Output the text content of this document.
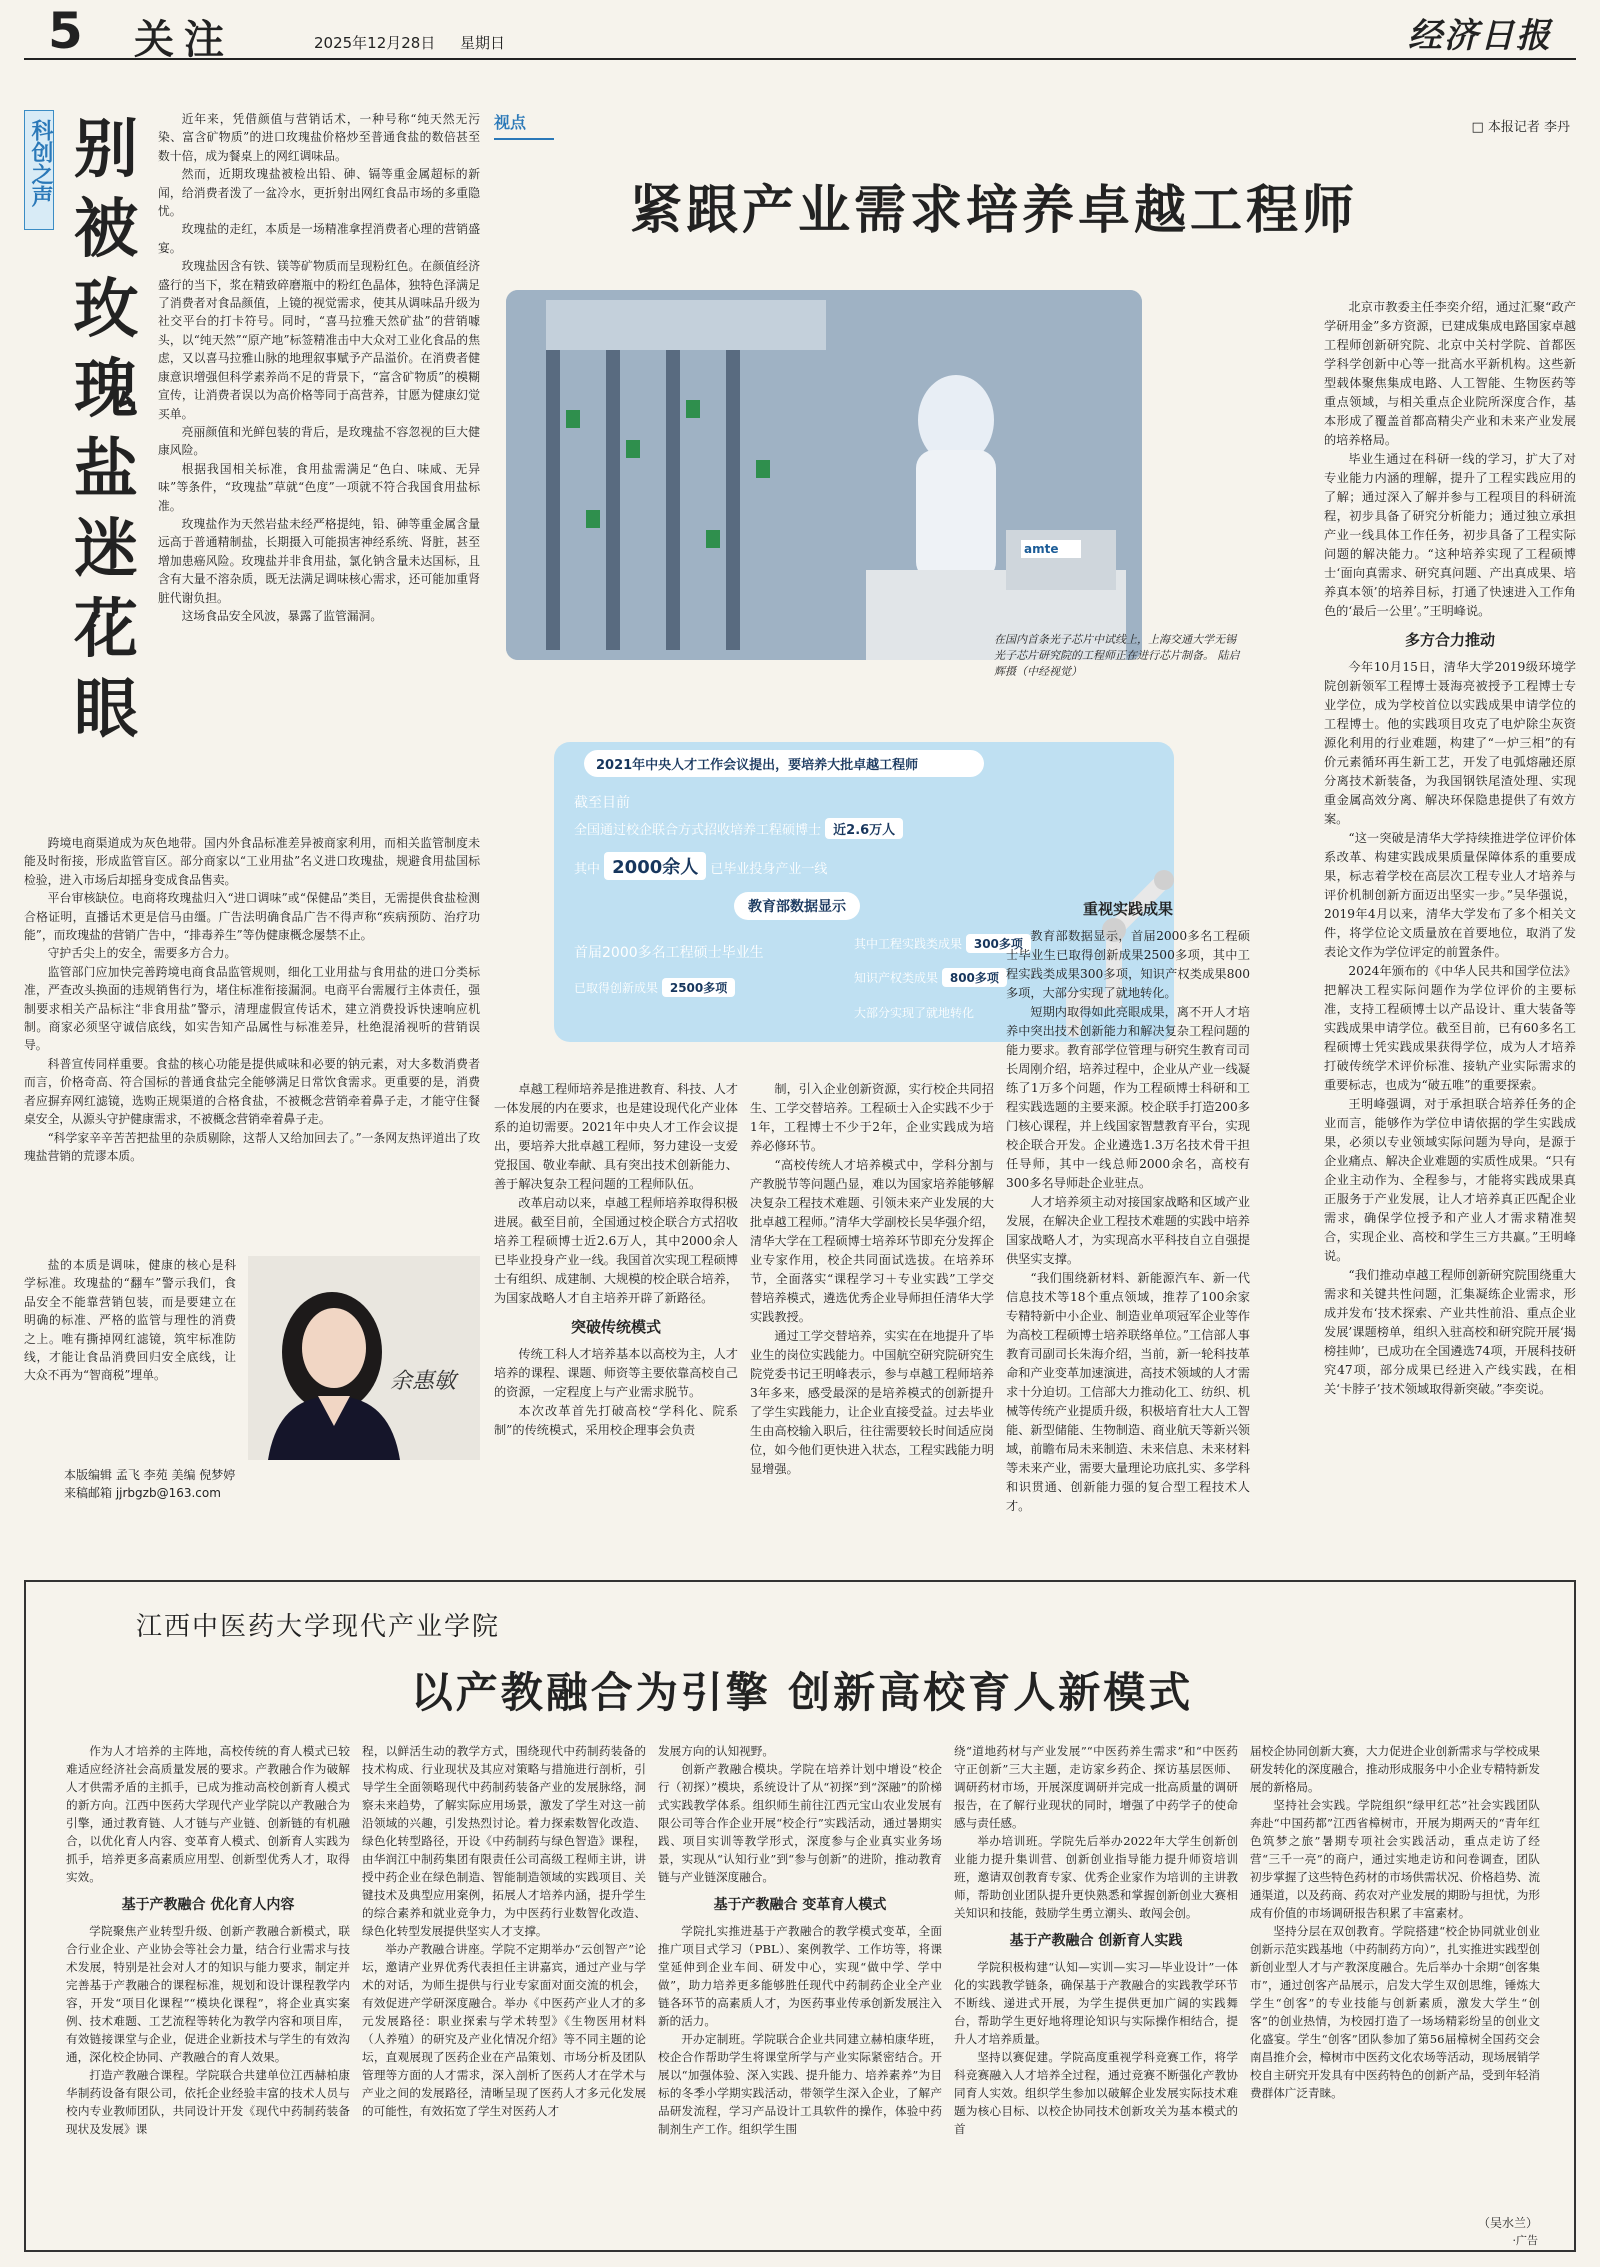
5 关注	2025年12月28日 星期日	经济日报
科创之声 别
被
玫
瑰
盐
迷
花
眼

近年来，凭借颜值与营销话术，一种号称“纯天然无污染、富含矿物质”的进口玫瑰盐价格炒至普通食盐的数倍甚至数十倍，成为餐桌上的网红调味品。

然而，近期玫瑰盐被检出铅、砷、镉等重金属超标的新闻，给消费者泼了一盆冷水，更折射出网红食品市场的多重隐忧。

玫瑰盐的走红，本质是一场精准拿捏消费者心理的营销盛宴。

玫瑰盐因含有铁、镁等矿物质而呈现粉红色。在颜值经济盛行的当下，浆在精致碎磨瓶中的粉红色晶体，独特色泽满足了消费者对食品颜值，上镜的视觉需求，使其从调味品升级为社交平台的打卡符号。同时，“喜马拉雅天然矿盐”的营销噱头，以“纯天然”“原产地”标签精准击中大众对工业化食品的焦虑，又以喜马拉雅山脉的地理叙事赋予产品溢价。在消费者健康意识增强但科学素养尚不足的背景下，“富含矿物质”的模糊宣传，让消费者误以为高价格等同于高营养，甘愿为健康幻觉买单。

亮丽颜值和光鲜包装的背后，是玫瑰盐不容忽视的巨大健康风险。

根据我国相关标准，食用盐需满足“色白、味咸、无异味”等条件，“玫瑰盐”草就“色度”一项就不符合我国食用盐标准。

玫瑰盐作为天然岩盐未经严格提纯，铅、砷等重金属含量远高于普通精制盐，长期摄入可能损害神经系统、肾脏，甚至增加患癌风险。玫瑰盐并非食用盐，氯化钠含量未达国标，且含有大量不溶杂质，既无法满足调味核心需求，还可能加重肾脏代谢负担。

这场食品安全风波，暴露了监管漏洞。

跨境电商渠道成为灰色地带。国内外食品标准差异被商家利用，而相关监管制度未能及时衔接，形成监管盲区。部分商家以“工业用盐”名义进口玫瑰盐，规避食用盐国标检验，进入市场后却摇身变成食品售卖。

平台审核缺位。电商将玫瑰盐归入“进口调味”或“保健品”类目，无需提供食盐检测合格证明，直播话术更是信马由缰。广告法明确食品广告不得声称“疾病预防、治疗功能”，而玫瑰盐的营销广告中，“排毒养生”等伪健康概念屡禁不止。

守护舌尖上的安全，需要多方合力。

监管部门应加快完善跨境电商食品监管规则，细化工业用盐与食用盐的进口分类标准，严查改头换面的违规销售行为，堵住标准衔接漏洞。电商平台需履行主体责任，强制要求相关产品标注“非食用盐”警示，清理虚假宣传话术，建立消费投诉快速响应机制。商家必须坚守诚信底线，如实告知产品属性与标准差异，杜绝混淆视听的营销误导。

科普宣传同样重要。食盐的核心功能是提供咸味和必要的钠元素，对大多数消费者而言，价格奇高、符合国标的普通食盐完全能够满足日常饮食需求。更重要的是，消费者应摒弃网红滤镜，选购正规渠道的合格食盐，不被概念营销牵着鼻子走，才能守住餐桌安全，从源头守护健康需求，不被概念营销牵着鼻子走。

“科学家辛辛苦苦把盐里的杂质剔除，这帮人又给加回去了。”一条网友热评道出了玫瑰盐营销的荒谬本质。

盐的本质是调味，健康的核心是科学标准。玫瑰盐的“翻车”警示我们，食品安全不能靠营销包装，而是要建立在明确的标准、严格的监管与理性的消费之上。唯有撕掉网红滤镜，筑牢标准防线，才能让食品消费回归安全底线，让大众不再为“智商税”埋单。	余惠敏
本版编辑 孟飞 李苑 美编 倪梦婷
来稿邮箱 jjrbgzb@163.com
视点	□ 本报记者 李丹
紧跟产业需求培养卓越工程师
amte
在国内首条光子芯片中试线上，上海交通大学无锡光子芯片研究院的工程师正在进行芯片制备。 陆启辉摄（中经视觉）
2021年中央人才工作会议提出，要培养大批卓越工程师
截至目前
全国通过校企联合方式招收培养工程硕博士 近2.6万人
其中 2000余人 已毕业投身产业一线
教育部数据显示
首届2000多名工程硕士毕业生
其中工程实践类成果 300多项
已取得创新成果 2500多项
知识产权类成果 800多项
大部分实现了就地转化

卓越工程师培养是推进教育、科技、人才一体发展的内在要求，也是建设现代化产业体系的迫切需要。2021年中央人才工作会议提出，要培养大批卓越工程师，努力建设一支爱党报国、敬业奉献、具有突出技术创新能力、善于解决复杂工程问题的工程师队伍。

改革启动以来，卓越工程师培养取得积极进展。截至目前，全国通过校企联合方式招收培养工程硕博士近2.6万人，其中2000余人已毕业投身产业一线。我国首次实现工程硕博士有组织、成建制、大规模的校企联合培养，为国家战略人才自主培养开辟了新路径。

突破传统模式

传统工科人才培养基本以高校为主，人才培养的课程、课题、师资等主要依靠高校自己的资源，一定程度上与产业需求脱节。

本次改革首先打破高校“学科化、院系制”的传统模式，采用校企理事会负责

制，引入企业创新资源，实行校企共同招生、工学交替培养。工程硕士入企实践不少于1年，工程博士不少于2年，企业实践成为培养必修环节。

“高校传统人才培养模式中，学科分割与产教脱节等问题凸显，难以为国家培养能够解决复杂工程技术难题、引领未来产业发展的大批卓越工程师。”清华大学副校长吴华强介绍，清华大学在工程硕博士培养环节即充分发挥企业专家作用，校企共同面试选拔。在培养环节，全面落实“课程学习＋专业实践”工学交替培养模式，遴选优秀企业导师担任清华大学实践教授。

通过工学交替培养，实实在在地提升了毕业生的岗位实践能力。中国航空研究院研究生院党委书记王明峰表示，参与卓越工程师培养3年多来，感受最深的是培养模式的创新提升了学生实践能力，让企业直接受益。过去毕业生由高校输入职后，往往需要较长时间适应岗位，如今他们更快进入状态，工程实践能力明显增强。

重视实践成果

教育部数据显示，首届2000多名工程硕士毕业生已取得创新成果2500多项，其中工程实践类成果300多项，知识产权类成果800多项，大部分实现了就地转化。

短期内取得如此亮眼成果，离不开人才培养中突出技术创新能力和解决复杂工程问题的能力要求。教育部学位管理与研究生教育司司长周刚介绍，培养过程中，企业从产业一线凝练了1万多个问题，作为工程硕博士科研和工程实践选题的主要来源。校企联手打造200多门核心课程，并上线国家智慧教育平台，实现校企联合开发。企业遴选1.3万名技术骨干担任导师，其中一线总师2000余名，高校有300多名导师赴企业驻点。

人才培养须主动对接国家战略和区域产业发展，在解决企业工程技术难题的实践中培养国家战略人才，为实现高水平科技自立自强提供坚实支撑。

“我们围绕新材料、新能源汽车、新一代信息技术等18个重点领域，推荐了100余家专精特新中小企业、制造业单项冠军企业等作为高校工程硕博士培养联络单位。”工信部人事教育司副司长朱海介绍，当前，新一轮科技革命和产业变革加速演进，高技术领域的人才需求十分迫切。工信部大力推动化工、纺织、机械等传统产业提质升级，积极培育壮大人工智能、新型储能、生物制造、商业航天等新兴领域，前瞻布局未来制造、未来信息、未来材料等未来产业，需要大量理论功底扎实、多学科和识贯通、创新能力强的复合型工程技术人才。

北京市教委主任李奕介绍，通过汇聚“政产学研用金”多方资源，已建成集成电路国家卓越工程师创新研究院、北京中关村学院、首都医学科学创新中心等一批高水平新机构。这些新型载体聚焦集成电路、人工智能、生物医药等重点领域，与相关重点企业院所深度合作，基本形成了覆盖首都高精尖产业和未来产业发展的培养格局。

毕业生通过在科研一线的学习，扩大了对专业能力内涵的理解，提升了工程实践应用的了解；通过深入了解并参与工程项目的科研流程，初步具备了研究分析能力；通过独立承担产业一线具体工作任务，初步具备了工程实际问题的解决能力。“这种培养实现了工程硕博士‘面向真需求、研究真问题、产出真成果、培养真本领’的培养目标，打通了快速进入工作角色的‘最后一公里’。”王明峰说。

多方合力推动

今年10月15日，清华大学2019级环境学院创新领军工程博士聂海亮被授予工程博士专业学位，成为学校首位以实践成果申请学位的工程博士。他的实践项目攻克了电炉除尘灰资源化利用的行业难题，构建了“一炉三相”的有价元素循环再生新工艺，开发了电弧熔融还原分离技术新装备，为我国钢铁尾渣处理、实现重金属高效分离、解决环保隐患提供了有效方案。

“这一突破是清华大学持续推进学位评价体系改革、构建实践成果质量保障体系的重要成果，标志着学校在高层次工程专业人才培养与评价机制创新方面迈出坚实一步。”吴华强说，2019年4月以来，清华大学发布了多个相关文件，将学位论文质量放在首要地位，取消了发表论文作为学位评定的前置条件。

2024年颁布的《中华人民共和国学位法》把解决工程实际问题作为学位评价的主要标准，支持工程硕博士以产品设计、重大装备等实践成果申请学位。截至目前，已有60多名工程硕博士凭实践成果获得学位，成为人才培养打破传统学术评价标准、接轨产业实际需求的重要标志，也成为“破五唯”的重要探索。

王明峰强调，对于承担联合培养任务的企业而言，能够作为学位申请依据的学生实践成果，必须以专业领域实际问题为导向，是源于企业痛点、解决企业难题的实质性成果。“只有企业主动作为、全程参与，才能将实践成果真正服务于产业发展，让人才培养真正匹配企业需求，确保学位授予和产业人才需求精准契合，实现企业、高校和学生三方共赢。”王明峰说。

“我们推动卓越工程师创新研究院围绕重大需求和关键共性问题，汇集凝练企业需求，形成并发布‘技术探索、产业共性前沿、重点企业发展’课题榜单，组织入驻高校和研究院开展‘揭榜挂帅’，已成功在全国遴选74项，开展科技研究47项，部分成果已经进入产线实践，在相关‘卡脖子’技术领域取得新突破。”李奕说。

江西中医药大学现代产业学院
以产教融合为引擎 创新高校育人新模式

作为人才培养的主阵地，高校传统的育人模式已较难适应经济社会高质量发展的要求。产教融合作为破解人才供需矛盾的主抓手，已成为推动高校创新育人模式的新方向。江西中医药大学现代产业学院以产教融合为引擎，通过教育链、人才链与产业链、创新链的有机融合，以优化育人内容、变革育人模式、创新育人实践为抓手，培养更多高素质应用型、创新型优秀人才，取得实效。

基于产教融合 优化育人内容

学院聚焦产业转型升级、创新产教融合新模式，联合行业企业、产业协会等社会力量，结合行业需求与技术发展，特别是社会对人才的知识与能力要求，制定并完善基于产教融合的课程标准，规划和设计课程教学内容，开发“项目化课程”“模块化课程”，将企业真实案例、技术难题、工艺流程等转化为教学内容和项目库，有效链接课堂与企业，促进企业新技术与学生的有效沟通，深化校企协同、产教融合的育人效果。

打造产教融合课程。学院联合共建单位江西赫柏康华制药设备有限公司，依托企业经验丰富的技术人员与校内专业教师团队，共同设计开发《现代中药制药装备现状及发展》课

程，以鲜活生动的教学方式，围绕现代中药制药装备的技术构成、行业现状及其应对策略与措施进行剖析，引导学生全面领略现代中药制药装备产业的发展脉络，洞察未来趋势，了解实际应用场景，激发了学生对这一前沿领域的兴趣，引发热烈讨论。着力探索数智化改造、绿色化转型路径，开设《中药制药与绿色智造》课程，由华润江中制药集团有限责任公司高级工程师主讲，讲授中药企业在绿色制造、智能制造领域的实践项目、关键技术及典型应用案例，拓展人才培养内涵，提升学生的综合素养和就业竞争力，为中医药行业数智化改造、绿色化转型发展提供坚实人才支撑。

举办产教融合讲座。学院不定期举办“云创智产”论坛，邀请产业界优秀代表担任主讲嘉宾，通过产业与学术的对话，为师生提供与行业专家面对面交流的机会，有效促进产学研深度融合。举办《中医药产业人才的多元发展路径：职业探索与学术转型》《生物医用材料（人养殖）的研究及产业化情况介绍》等不同主题的论坛，直观展现了医药企业在产品策划、市场分析及团队管理等方面的人才需求，深入剖析了医药人才在学术与产业之间的发展路径，清晰呈现了医药人才多元化发展的可能性，有效拓宽了学生对医药人才

发展方向的认知视野。

创新产教融合模块。学院在培养计划中增设“校企行（初探）”模块，系统设计了从“初探”到“深融”的阶梯式实践教学体系。组织师生前往江西元宝山农业发展有限公司等合作企业开展“校企行”实践活动，通过暑期实践、项目实训等教学形式，深度参与企业真实业务场景，实现从“认知行业”到“参与创新”的进阶，推动教育链与产业链深度融合。

基于产教融合 变革育人模式

学院扎实推进基于产教融合的教学模式变革，全面推广项目式学习（PBL）、案例教学、工作坊等，将课堂延伸到企业车间、研发中心，实现“做中学、学中做”，助力培养更多能够胜任现代中药制药企业全产业链各环节的高素质人才，为医药事业传承创新发展注入新的活力。

开办定制班。学院联合企业共同建立赫柏康华班，校企合作帮助学生将课堂所学与产业实际紧密结合。开展以“加强体验、深入实践、提升能力、培养素养”为目标的冬季小学期实践活动，带领学生深入企业，了解产品研发流程，学习产品设计工具软件的操作，体验中药制剂生产工作。组织学生围

绕“道地药材与产业发展”“中医药养生需求”和“中医药守正创新”三大主题，走访家乡药企、探访基层医师、调研药材市场，开展深度调研并完成一批高质量的调研报告，在了解行业现状的同时，增强了中药学子的使命感与责任感。

举办培训班。学院先后举办2022年大学生创新创业能力提升集训营、创新创业指导能力提升师资培训班，邀请双创教育专家、优秀企业家作为培训的主讲教师，帮助创业团队提升更快熟悉和掌握创新创业大赛相关知识和技能，鼓励学生勇立潮头、敢闯会创。

基于产教融合 创新育人实践

学院积极构建“认知—实训—实习—毕业设计”一体化的实践教学链条，确保基于产教融合的实践教学环节不断线、递进式开展，为学生提供更加广阔的实践舞台，帮助学生更好地将理论知识与实际操作相结合，提升人才培养质量。

坚持以赛促建。学院高度重视学科竞赛工作，将学科竞赛融入人才培养全过程，通过竞赛不断强化产教协同育人实效。组织学生参加以破解企业发展实际技术难题为核心目标、以校企协同技术创新攻关为基本模式的首

届校企协同创新大赛，大力促进企业创新需求与学校成果研发转化的深度融合，推动形成服务中小企业专精特新发展的新格局。

坚持社会实践。学院组织“绿甲红芯”社会实践团队奔赴“中国药都”江西省樟树市，开展为期两天的“青年红色筑梦之旅”暑期专项社会实践活动，重点走访了经营“三千一亮”的商户，通过实地走访和问卷调查，团队初步掌握了这些特色药材的市场供需状况、价格趋势、流通渠道，以及药商、药农对产业发展的期盼与担忧，为形成有价值的市场调研报告积累了丰富素材。

坚持分层在双创教育。学院搭建“校企协同就业创业创新示范实践基地（中药制药方向）”，扎实推进实践型创新创业型人才与产教深度融合。先后举办十余期“创客集市”，通过创客产品展示，启发大学生双创思维，锤炼大学生“创客”的专业技能与创新素质，激发大学生“创客”的创业热情，为校园打造了一场场精彩纷呈的创业文化盛宴。学生“创客”团队参加了第56届樟树全国药交会南昌推介会，樟树市中医药文化农场等活动，现场展销学校自主研究开发具有中医药特色的创新产品，受到年轻消费群体广泛青睐。

（吴水兰）
·广告
